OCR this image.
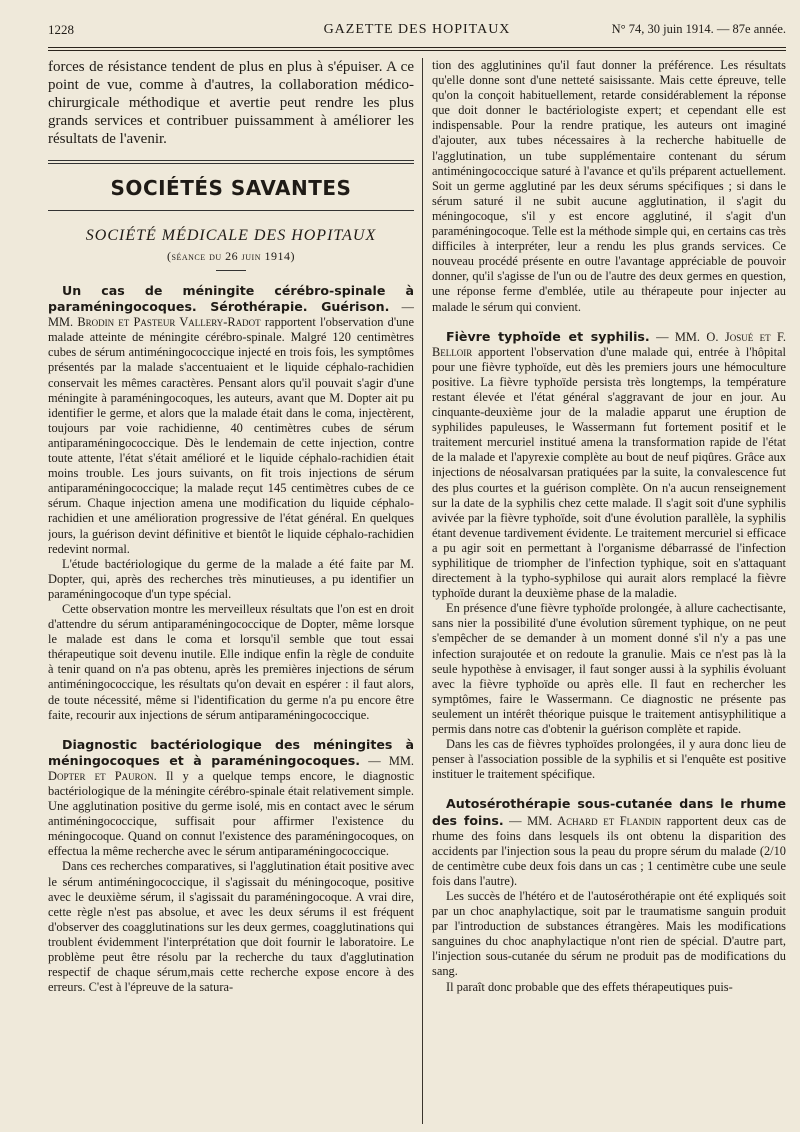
1228	GAZETTE DES HOPITAUX	N° 74, 30 juin 1914. — 87e année.

forces de résistance tendent de plus en plus à s'épuiser. A ce point de vue, comme à d'autres, la collaboration médico-chirurgicale méthodique et avertie peut rendre les plus grands services et contribuer puissamment à améliorer les résultats de l'avenir.

SOCIÉTÉS SAVANTES
SOCIÉTÉ MÉDICALE DES HOPITAUX
(séance du 26 juin 1914)

Un cas de méningite cérébro-spinale à paraméningocoques. Sérothérapie. Guérison. — MM. Brodin et Pasteur Vallery-Radot rapportent l'observation d'une malade atteinte de méningite cérébro-spinale. Malgré 120 centimètres cubes de sérum antiméningococcique injecté en trois fois, les symptômes présentés par la malade s'accentuaient et le liquide céphalo-rachidien conservait les mêmes caractères. Pensant alors qu'il pouvait s'agir d'une méningite à paraméningocoques, les auteurs, avant que M. Dopter ait pu identifier le germe, et alors que la malade était dans le coma, injectèrent, toujours par voie rachidienne, 40 centimètres cubes de sérum antiparaméningococcique. Dès le lendemain de cette injection, contre toute attente, l'état s'était amélioré et le liquide céphalo-rachidien était moins trouble. Les jours suivants, on fit trois injections de sérum antiparaméningococcique; la malade reçut 145 centimètres cubes de ce sérum. Chaque injection amena une modification du liquide céphalo-rachidien et une amélioration progressive de l'état général. En quelques jours, la guérison devint définitive et bientôt le liquide céphalo-rachidien redevint normal.

L'étude bactériologique du germe de la malade a été faite par M. Dopter, qui, après des recherches très minutieuses, a pu identifier un paraméningocoque d'un type spécial.

Cette observation montre les merveilleux résultats que l'on est en droit d'attendre du sérum antiparaméningococcique de Dopter, même lorsque le malade est dans le coma et lorsqu'il semble que tout essai thérapeutique soit devenu inutile. Elle indique enfin la règle de conduite à tenir quand on n'a pas obtenu, après les premières injections de sérum antiméningococcique, les résultats qu'on devait en espérer : il faut alors, de toute nécessité, même si l'identification du germe n'a pu encore être faite, recourir aux injections de sérum antiparaméningococcique.

Diagnostic bactériologique des méningites à méningocoques et à paraméningocoques. — MM. Dopter et Pauron. Il y a quelque temps encore, le diagnostic bactériologique de la méningite cérébro-spinale était relativement simple. Une agglutination positive du germe isolé, mis en contact avec le sérum antiméningococcique, suffisait pour affirmer l'existence du méningocoque. Quand on connut l'existence des paraméningocoques, on effectua la même recherche avec le sérum antiparaméningococcique.

Dans ces recherches comparatives, si l'agglutination était positive avec le sérum antiméningococcique, il s'agissait du méningocoque, positive avec le deuxième sérum, il s'agissait du paraméningocoque. A vrai dire, cette règle n'est pas absolue, et avec les deux sérums il est fréquent d'observer des coagglutinations sur les deux germes, coagglutinations qui troublent évidemment l'interprétation que doit fournir le laboratoire. Le problème peut être résolu par la recherche du taux d'agglutination respectif de chaque sérum,mais cette recherche expose encore à des erreurs. C'est à l'épreuve de la satura-

tion des agglutinines qu'il faut donner la préférence. Les résultats qu'elle donne sont d'une netteté saisissante. Mais cette épreuve, telle qu'on la conçoit habituellement, retarde considérablement la réponse que doit donner le bactériologiste expert; et cependant elle est indispensable. Pour la rendre pratique, les auteurs ont imaginé d'ajouter, aux tubes nécessaires à la recherche habituelle de l'agglutination, un tube supplémentaire contenant du sérum antiméningococcique saturé à l'avance et qu'ils préparent actuellement. Soit un germe agglutiné par les deux sérums spécifiques ; si dans le sérum saturé il ne subit aucune agglutination, il s'agit du méningocoque, s'il y est encore agglutiné, il s'agit d'un paraméningocoque. Telle est la méthode simple qui, en certains cas très difficiles à interpréter, leur a rendu les plus grands services. Ce nouveau procédé présente en outre l'avantage appréciable de pouvoir donner, qu'il s'agisse de l'un ou de l'autre des deux germes en question, une réponse ferme d'emblée, utile au thérapeute pour injecter au malade le sérum qui convient.

Fièvre typhoïde et syphilis. — MM. O. Josué et F. Belloir apportent l'observation d'une malade qui, entrée à l'hôpital pour une fièvre typhoïde, eut dès les premiers jours une hémoculture positive. La fièvre typhoïde persista très longtemps, la température restant élevée et l'état général s'aggravant de jour en jour. Au cinquante-deuxième jour de la maladie apparut une éruption de syphilides papuleuses, le Wassermann fut fortement positif et le traitement mercuriel institué amena la transformation rapide de l'état de la malade et l'apyrexie complète au bout de neuf piqûres. Grâce aux injections de néosalvarsan pratiquées par la suite, la convalescence fut des plus courtes et la guérison complète. On n'a aucun renseignement sur la date de la syphilis chez cette malade. Il s'agit soit d'une syphilis avivée par la fièvre typhoïde, soit d'une évolution parallèle, la syphilis étant devenue tardivement évidente. Le traitement mercuriel si efficace a pu agir soit en permettant à l'organisme débarrassé de l'infection syphilitique de triompher de l'infection typhique, soit en s'attaquant directement à la typho-syphilose qui aurait alors remplacé la fièvre typhoïde durant la deuxième phase de la maladie.

En présence d'une fièvre typhoïde prolongée, à allure cachectisante, sans nier la possibilité d'une évolution sûrement typhique, on ne peut s'empêcher de se demander à un moment donné s'il n'y a pas une infection surajoutée et on redoute la granulie. Mais ce n'est pas là la seule hypothèse à envisager, il faut songer aussi à la syphilis évoluant avec la fièvre typhoïde ou après elle. Il faut en rechercher les symptômes, faire le Wassermann. Ce diagnostic ne présente pas seulement un intérêt théorique puisque le traitement antisyphilitique a permis dans notre cas d'obtenir la guérison complète et rapide.

Dans les cas de fièvres typhoïdes prolongées, il y aura donc lieu de penser à l'association possible de la syphilis et si l'enquête est positive instituer le traitement spécifique.

Autosérothérapie sous-cutanée dans le rhume des foins. — MM. Achard et Flandin rapportent deux cas de rhume des foins dans lesquels ils ont obtenu la disparition des accidents par l'injection sous la peau du propre sérum du malade (2/10 de centimètre cube deux fois dans un cas ; 1 centimètre cube une seule fois dans l'autre).

Les succès de l'hétéro et de l'autosérothérapie ont été expliqués soit par un choc anaphylactique, soit par le traumatisme sanguin produit par l'introduction de substances étrangères. Mais les modifications sanguines du choc anaphylactique n'ont rien de spécial. D'autre part, l'injection sous-cutanée du sérum ne produit pas de modifications du sang.

Il paraît donc probable que des effets thérapeutiques puis-
